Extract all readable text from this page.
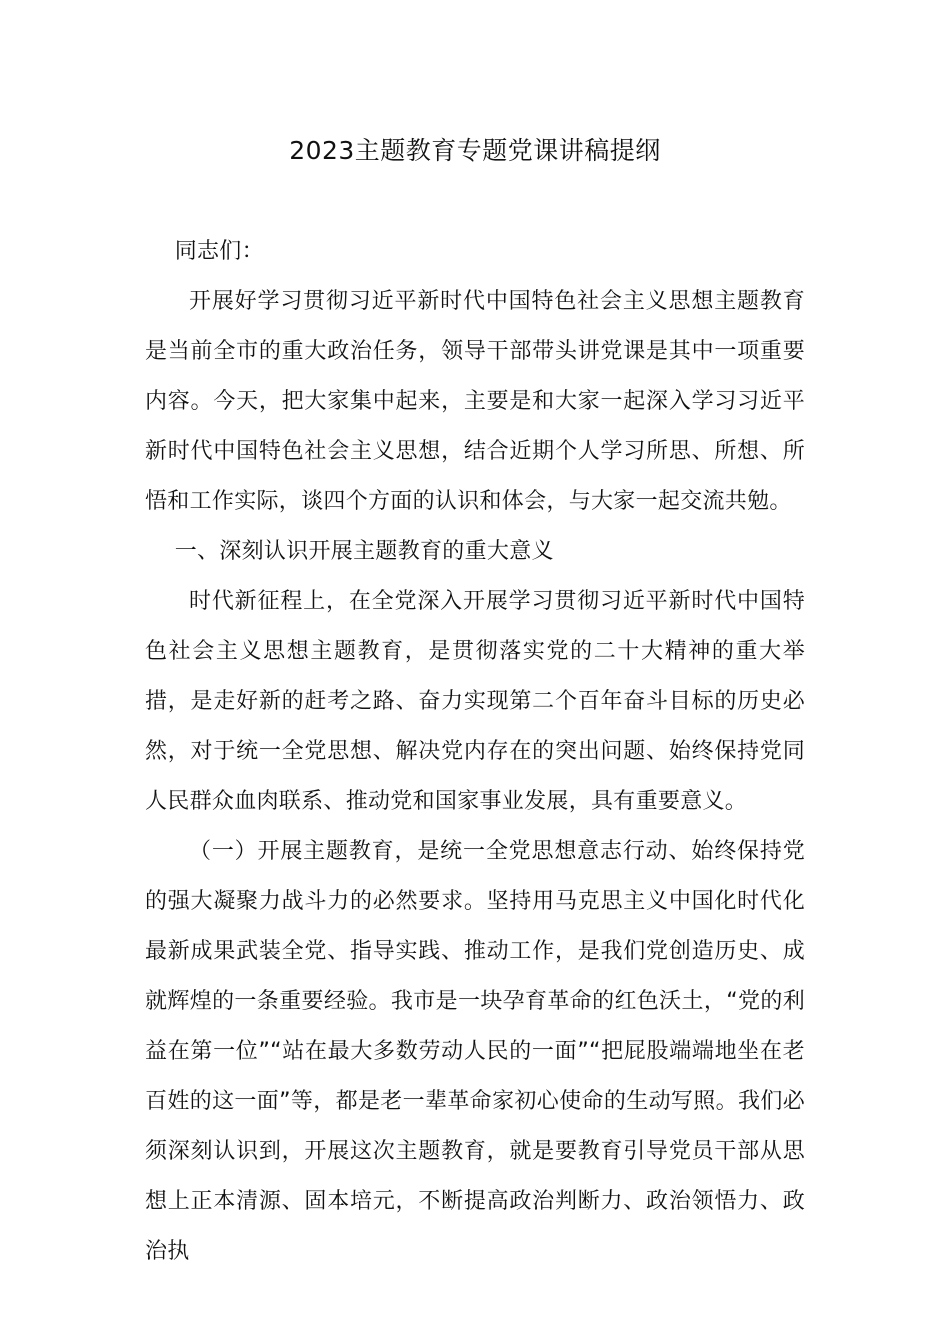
2023主题教育专题党课讲稿提纲

同志们：

开展好学习贯彻习近平新时代中国特色社会主义思想主题教育是当前全市的重大政治任务，领导干部带头讲党课是其中一项重要内容。今天，把大家集中起来，主要是和大家一起深入学习习近平新时代中国特色社会主义思想，结合近期个人学习所思、所想、所悟和工作实际，谈四个方面的认识和体会，与大家一起交流共勉。

一、深刻认识开展主题教育的重大意义

时代新征程上，在全党深入开展学习贯彻习近平新时代中国特色社会主义思想主题教育，是贯彻落实党的二十大精神的重大举措，是走好新的赶考之路、奋力实现第二个百年奋斗目标的历史必然，对于统一全党思想、解决党内存在的突出问题、始终保持党同人民群众血肉联系、推动党和国家事业发展，具有重要意义。

（一）开展主题教育，是统一全党思想意志行动、始终保持党的强大凝聚力战斗力的必然要求。坚持用马克思主义中国化时代化最新成果武装全党、指导实践、推动工作，是我们党创造历史、成就辉煌的一条重要经验。我市是一块孕育革命的红色沃土，“党的利益在第一位”“站在最大多数劳动人民的一面”“把屁股端端地坐在老百姓的这一面”等，都是老一辈革命家初心使命的生动写照。我们必须深刻认识到，开展这次主题教育，就是要教育引导党员干部从思想上正本清源、固本培元，不断提高政治判断力、政治领悟力、政治执
